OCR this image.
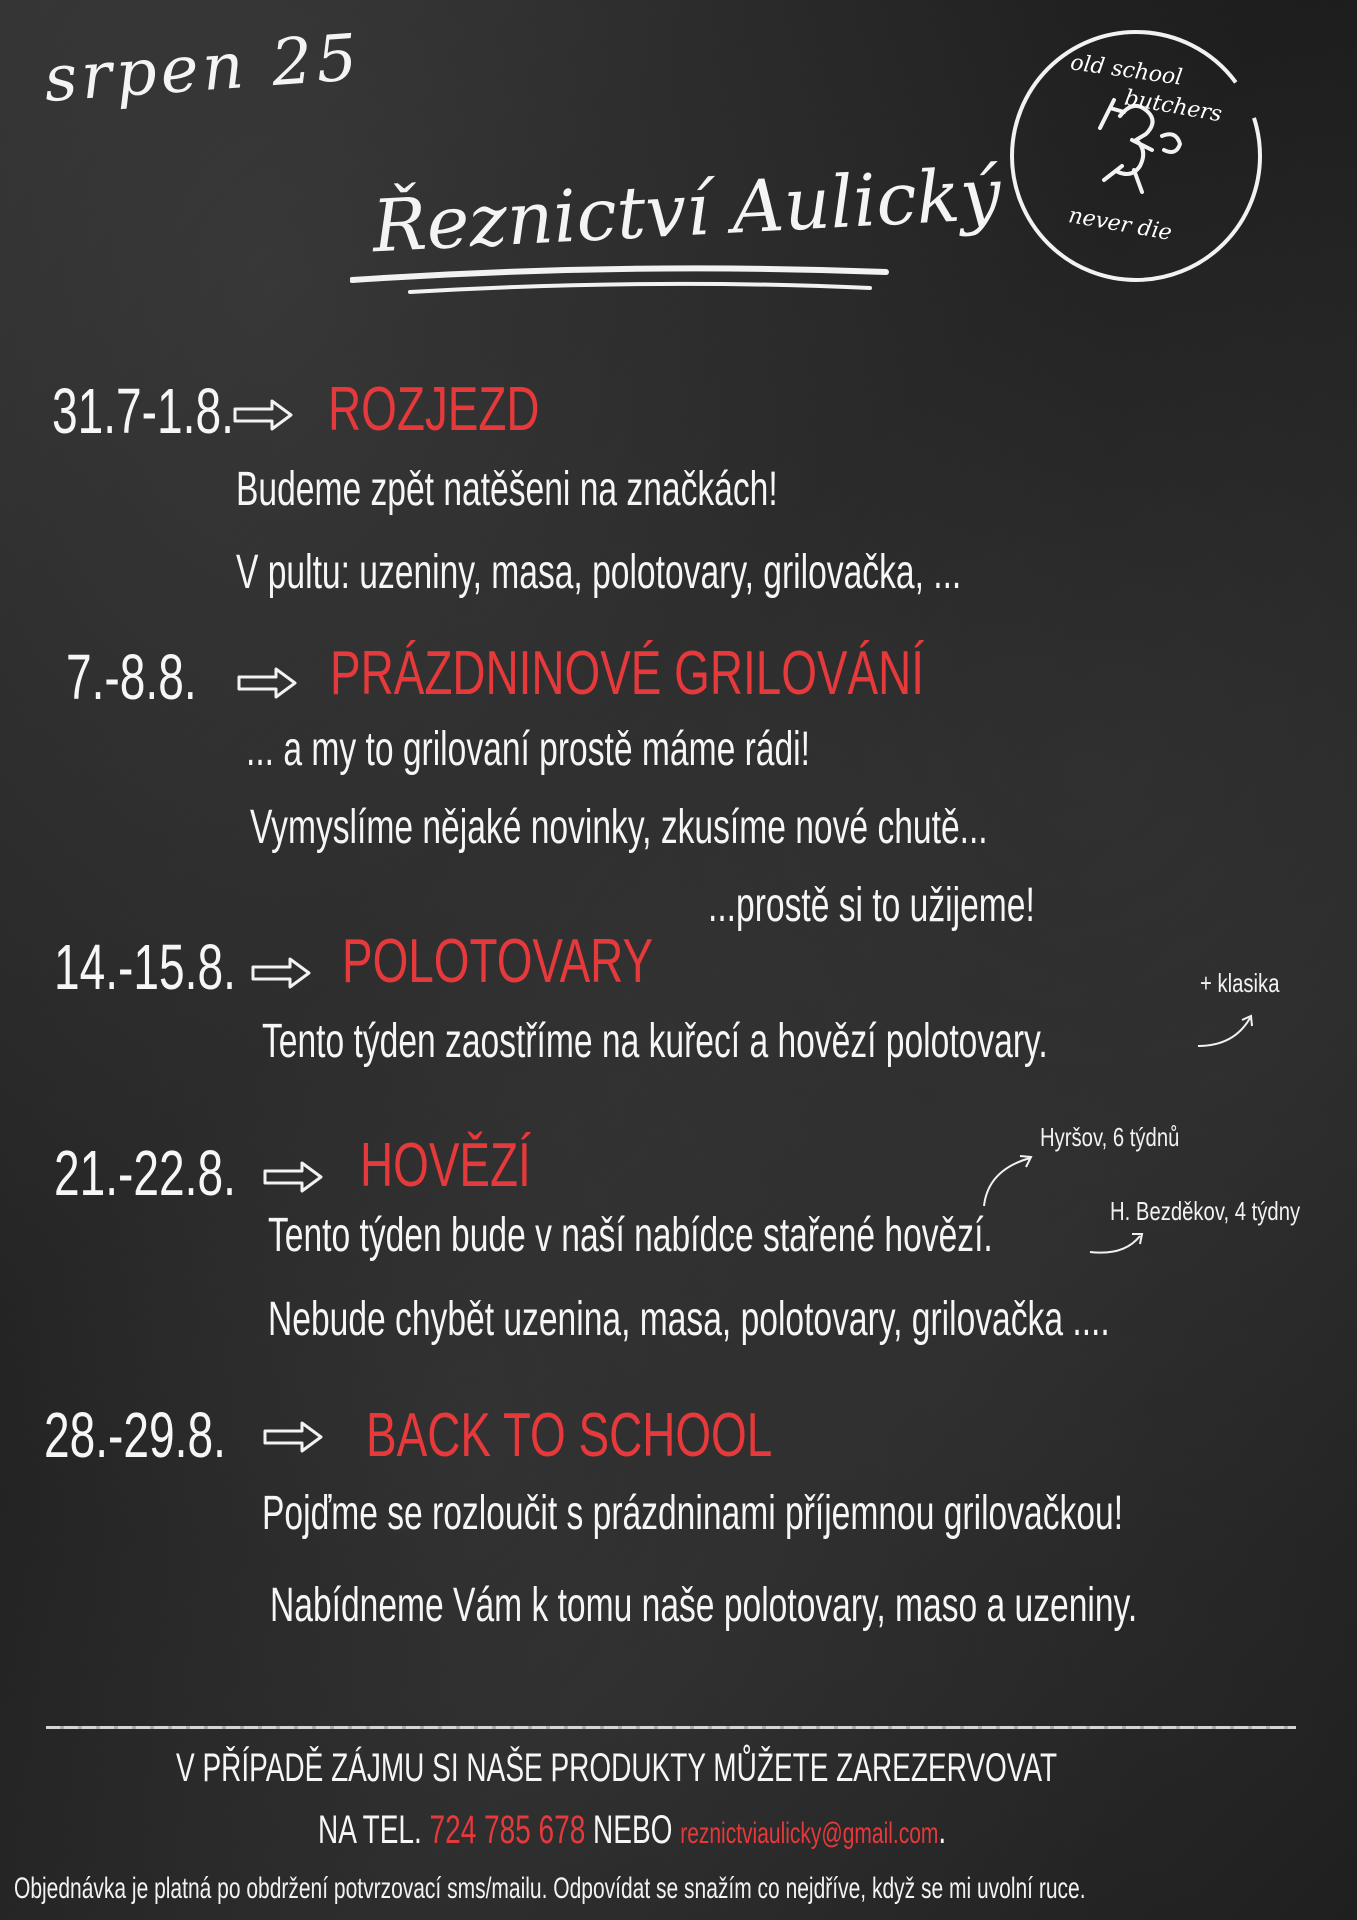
srpen 25
Řeznictví Aulický
old school
butchers
never die
31.7-1.8. ROZJEZD
Budeme zpět natěšeni na značkách!
V pultu: uzeniny, masa, polotovary, grilovačka, ...
7.-8.8. PRÁZDNINOVÉ GRILOVÁNÍ
... a my to grilovaní prostě máme rádi!
Vymyslíme nějaké novinky, zkusíme nové chutě...
...prostě si to užijeme!
14.-15.8. POLOTOVARY
Tento týden zaostříme na kuřecí a hovězí polotovary.
+ klasika
21.-22.8. HOVĚZÍ
Tento týden bude v naší nabídce stařené hovězí.
Nebude chybět uzenina, masa, polotovary, grilovačka ....
Hyršov, 6 týdnů
H. Bezděkov, 4 týdny
28.-29.8. BACK TO SCHOOL
Pojďme se rozloučit s prázdninami příjemnou grilovačkou!
Nabídneme Vám k tomu naše polotovary, maso a uzeniny.
V PŘÍPADĚ ZÁJMU SI NAŠE PRODUKTY MŮŽETE ZAREZERVOVAT
NA TEL. 724 785 678 NEBO reznictviaulicky@gmail.com.
Objednávka je platná po obdržení potvrzovací sms/mailu. Odpovídat se snažím co nejdříve, když se mi uvolní ruce.
